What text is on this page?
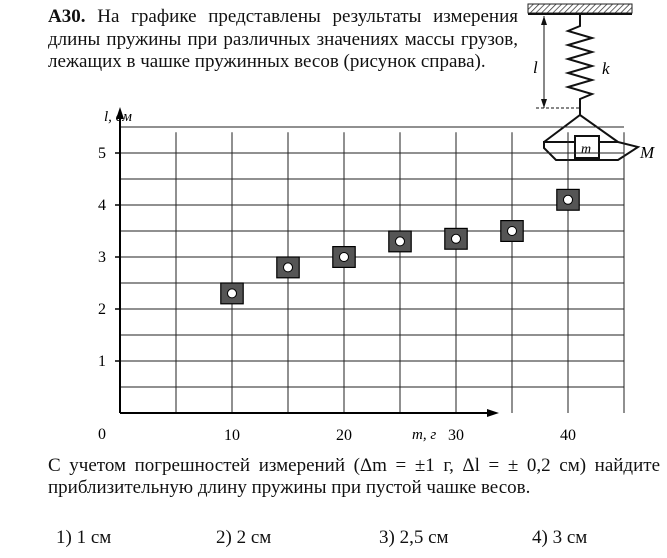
А30. На графике представлены результаты измерения длины пружины при различных значениях массы грузов, лежащих в чашке пружинных весов (рисунок справа).	l	k
m	M
1
2
3
4
5
10	20	30	40
l, см
m, г
0
С учетом погрешностей измерений (Δm = ±1 г, Δl = ± 0,2 см) найдите приблизительную длину пружины при пустой чашке весов.
1) 1 см	2) 2 см	3) 2,5 см	4) 3 см
